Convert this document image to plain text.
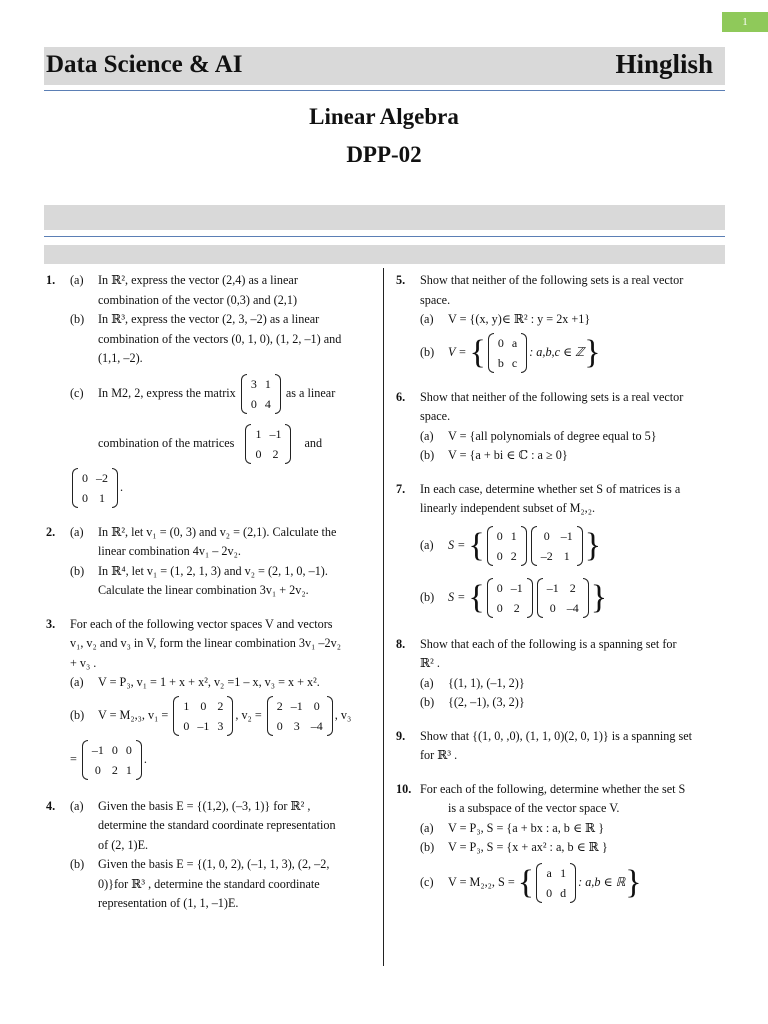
1
Data Science & AI	Hinglish
Linear Algebra
DPP-02
1. (a)	In ℝ², express the vector (2,4) as a linear
combination of the vector (0,3) and (2,1)
(b)	In ℝ³, express the vector (2, 3, –2) as a linear
combination of the vectors (0, 1, 0), (1, 2, –1) and
(1,1, –2).
(c)	In M2, 2, express the matrix
3	1
0	4
as a linear
combination of the matrices
1	–1
0	2
and
0	–2
0	1
.
2. (a)	In ℝ², let v₁ = (0, 3) and v₂ = (2,1). Calculate the
linear combination 4v₁ – 2v₂.
(b)	In ℝ⁴, let v₁ = (1, 2, 1, 3) and v₂ = (2, 1, 0, –1).
Calculate the linear combination 3v₁ + 2v₂.
3. For each of the following vector spaces V and vectors
v₁, v₂ and v₃ in V, form the linear combination 3v₁ –2v₂
+ v₃ .
(a)	V = P₃, v₁ = 1 + x + x², v₂ =1 – x, v₃ = x + x².
(b)	V = M₂,₃, v₁ =
1	0	2
0	–1	3
, v₂ =
2	–1	0
0	3	–4
, v₃
=
–1	0	0
0	2	1
.
4. (a)	Given the basis E = {(1,2), (–3, 1)} for ℝ² ,
determine the standard coordinate representation
of (2, 1)E.
(b)	Given the basis E = {(1, 0, 2), (–1, 1, 3), (2, –2,
0)}for ℝ³ , determine the standard coordinate
representation of (1, 1, –1)E.
5. Show that neither of the following sets is a real vector
space.
(a)	V = {(x, y)∈ ℝ² : y = 2x +1}
(b)	V = { 0	a
b	c
: a,b,c ∈ ℤ}
6. Show that neither of the following sets is a real vector
space.
(a)	V = {all polynomials of degree equal to 5}
(b)	V = {a + bi ∈ ℂ : a ≥ 0}
7. In each case, determine whether set S of matrices is a
linearly independent subset of M₂,₂.
(a)	S = { 0	1
0	2
0	–1
–2	1 }
(b)	S = { 0	–1
0	2
–1	2
0	–4 }
8. Show that each of the following is a spanning set for
ℝ² .
(a)	{(1, 1), (–1, 2)}
(b)	{(2, –1), (3, 2)}
9. Show that {(1, 0, ,0), (1, 1, 0)(2, 0, 1)} is a spanning set
for ℝ³ .
10. For each of the following, determine whether the set S
is a subspace of the vector space V.
(a)	V = P₃, S = {a + bx : a, b ∈ ℝ }
(b)	V = P₃, S = {x + ax² : a, b ∈ ℝ }
(c)	V = M₂,₂, S = { a	1
0	d
: a,b ∈ ℝ}
